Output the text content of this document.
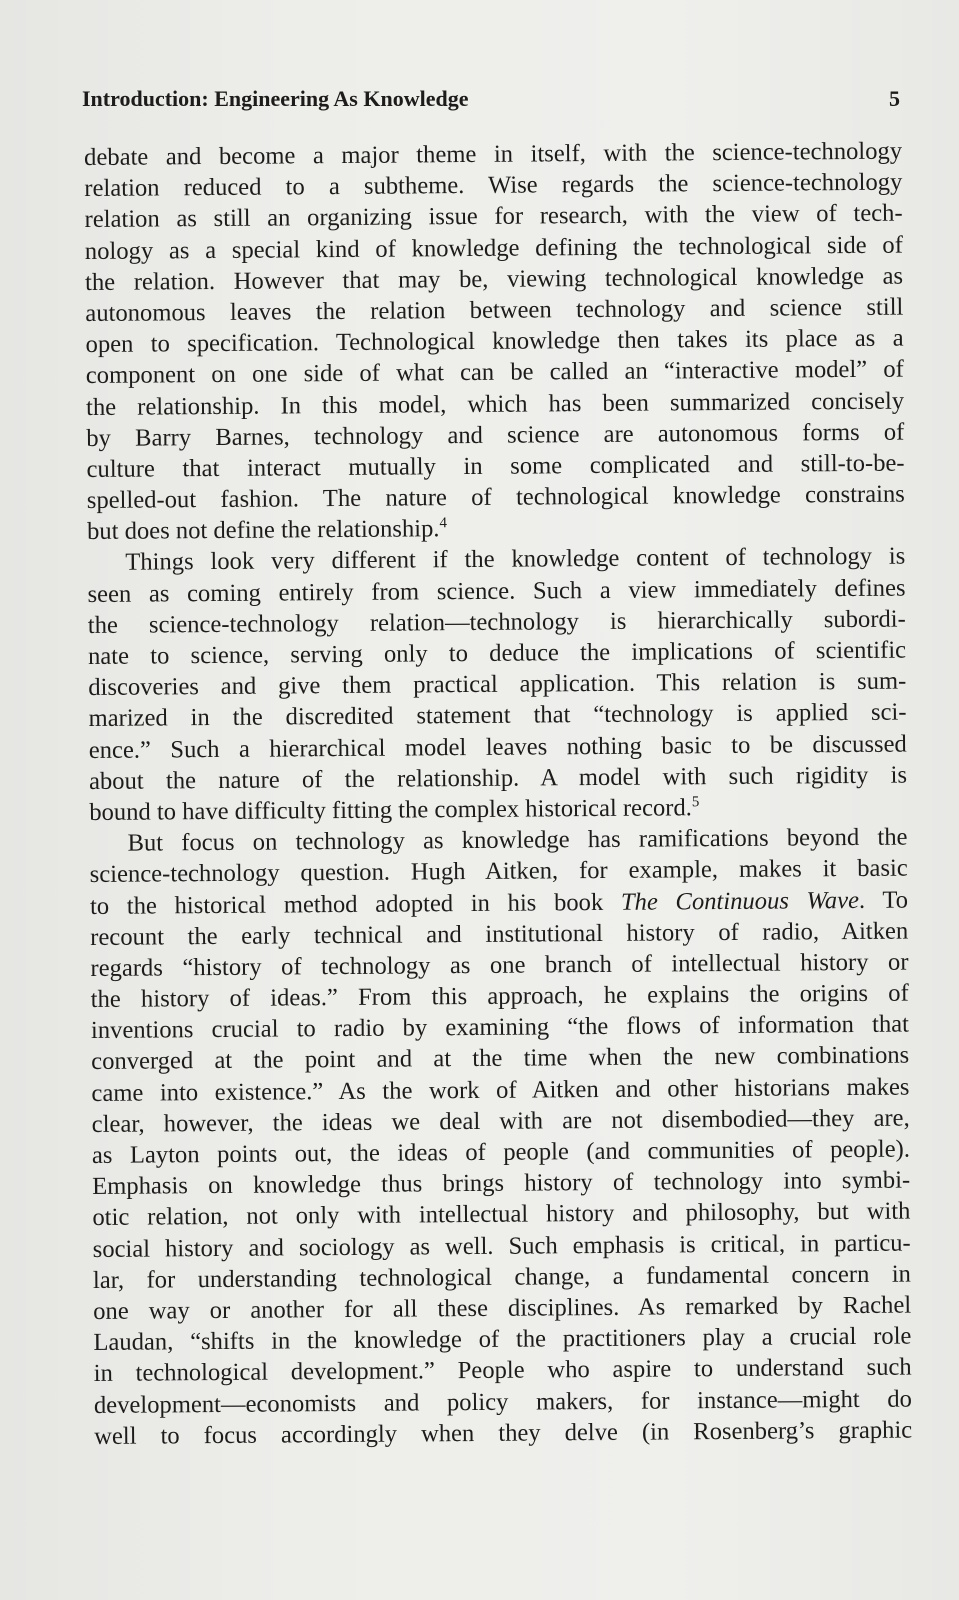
Introduction: Engineering As Knowledge	5
debate and become a major theme in itself, with the science-technology
relation reduced to a subtheme. Wise regards the science-technology
relation as still an organizing issue for research, with the view of tech-
nology as a special kind of knowledge defining the technological side of
the relation. However that may be, viewing technological knowledge as
autonomous leaves the relation between technology and science still
open to specification. Technological knowledge then takes its place as a
component on one side of what can be called an “interactive model” of
the relationship. In this model, which has been summarized concisely
by Barry Barnes, technology and science are autonomous forms of
culture that interact mutually in some complicated and still-to-be-
spelled-out fashion. The nature of technological knowledge constrains
but does not define the relationship.$^4$
Things look very different if the knowledge content of technology is
seen as coming entirely from science. Such a view immediately defines
the science-technology relation—technology is hierarchically subordi-
nate to science, serving only to deduce the implications of scientific
discoveries and give them practical application. This relation is sum-
marized in the discredited statement that “technology is applied sci-
ence.” Such a hierarchical model leaves nothing basic to be discussed
about the nature of the relationship. A model with such rigidity is
bound to have difficulty fitting the complex historical record.$^5$
But focus on technology as knowledge has ramifications beyond the
science-technology question. Hugh Aitken, for example, makes it basic
to the historical method adopted in his book The Continuous Wave. To
recount the early technical and institutional history of radio, Aitken
regards “history of technology as one branch of intellectual history or
the history of ideas.” From this approach, he explains the origins of
inventions crucial to radio by examining “the flows of information that
converged at the point and at the time when the new combinations
came into existence.” As the work of Aitken and other historians makes
clear, however, the ideas we deal with are not disembodied—they are,
as Layton points out, the ideas of people (and communities of people).
Emphasis on knowledge thus brings history of technology into symbi-
otic relation, not only with intellectual history and philosophy, but with
social history and sociology as well. Such emphasis is critical, in particu-
lar, for understanding technological change, a fundamental concern in
one way or another for all these disciplines. As remarked by Rachel
Laudan, “shifts in the knowledge of the practitioners play a crucial role
in technological development.” People who aspire to understand such
development—economists and policy makers, for instance—might do
well to focus accordingly when they delve (in Rosenberg’s graphic
